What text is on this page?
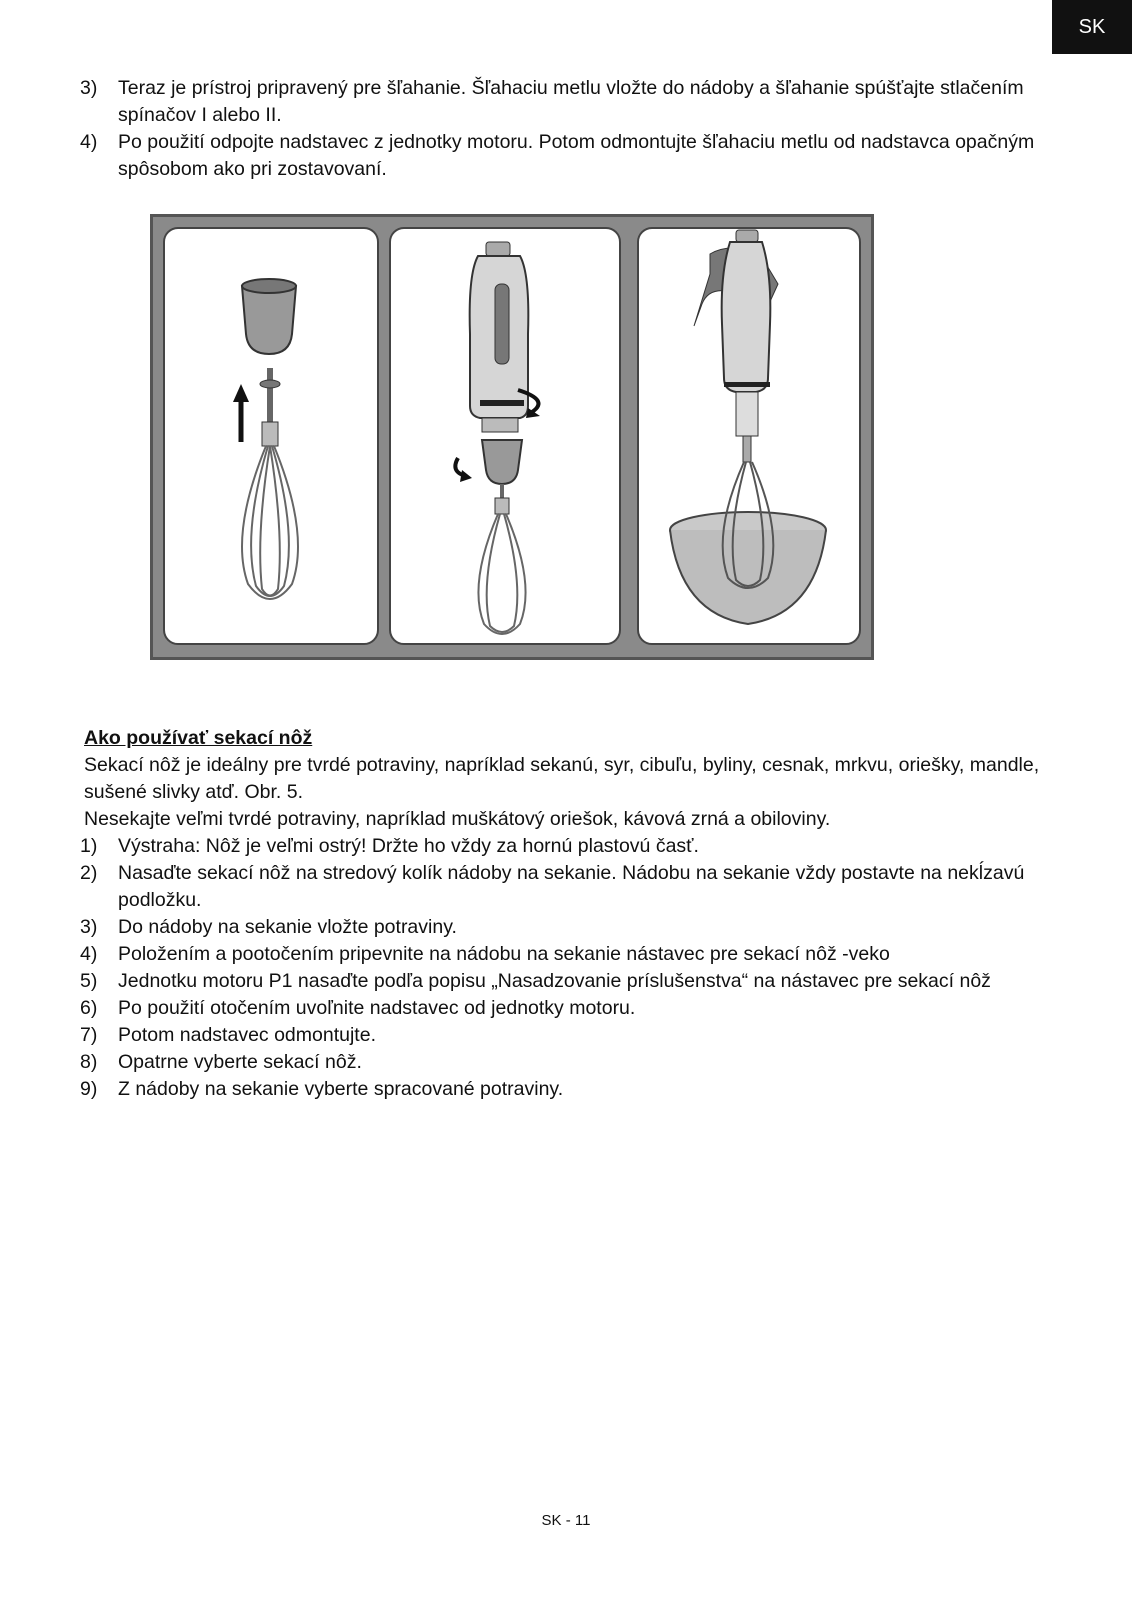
SK
3)	Teraz je prístroj pripravený pre šľahanie. Šľahaciu metlu vložte do nádoby a šľahanie spúšťajte stlačením spínačov I alebo II.
4)	Po použití odpojte nadstavec z jednotky motoru. Potom odmontujte šľahaciu metlu od nadstavca opačným spôsobom ako pri zostavovaní.
Ako používať sekací nôž
Sekací nôž je ideálny pre tvrdé potraviny, napríklad sekanú, syr, cibuľu, byliny, cesnak, mrkvu, oriešky, mandle, sušené slivky atď. Obr. 5.
Nesekajte veľmi tvrdé potraviny, napríklad muškátový oriešok, kávová zrná a obiloviny.
1)	Výstraha: Nôž je veľmi ostrý! Držte ho vždy za hornú plastovú časť.
2)	Nasaďte sekací nôž na stredový kolík nádoby na sekanie. Nádobu na sekanie vždy postavte na nekĺzavú podložku.
3)	Do nádoby na sekanie vložte potraviny.
4)	Položením a pootočením pripevnite na nádobu na sekanie nástavec pre sekací nôž -veko
5)	Jednotku motoru P1 nasaďte podľa popisu „Nasadzovanie príslušenstva“ na nástavec pre sekací nôž
6)	Po použití otočením uvoľnite nadstavec od jednotky motoru.
7)	Potom nadstavec odmontujte.
8)	Opatrne vyberte sekací nôž.
9)	Z nádoby na sekanie vyberte spracované potraviny.
SK - 11
